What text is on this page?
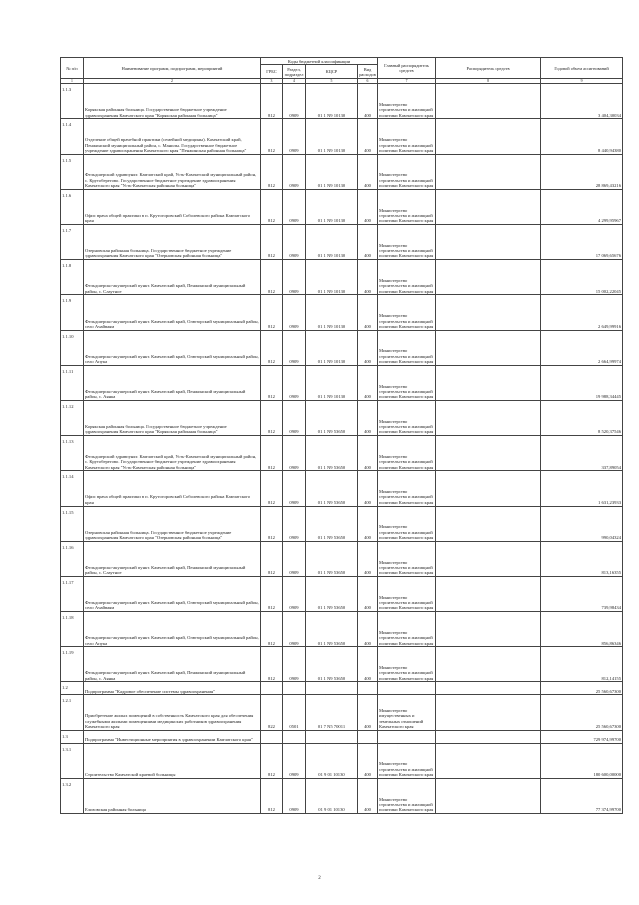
№ п/п	Наименование программ, подпрограмм, мероприятий	Коды бюджетной классификации				Главный распорядитель средств	Распорядитель средств	Годовой объем ассигнований
		ГРБС	Раздел, подраздел	КЦСР	Вид расходов			
1	2	3	4	5	6	7	8	9
1.1.3	Корякская районная больница. Государственное бюджетное учреждение здравоохранения Камчатского края "Корякская районная больница"	812	0909	01 1 N9 10130	400	Министерство строительства и жилищной политики Камчатского края		3 404,30034
1.1.4	Отделение общей врачебной практики (семейной медицины). Камчатский край, Пенжинский муниципальный район, с. Манилы. Государственное бюджетное учреждение здравоохранения Камчатского края "Пенжинская районная больница"	812	0909	01 1 N9 10130	400	Министерство строительства и жилищной политики Камчатского края		8 440,94380
1.1.5	Фельдшерский здравпункт. Камчатский край, Усть-Камчатский муниципальный район, с. Крутоберегово. Государственное бюджетное учреждение здравоохранения Камчатского края "Усть-Камчатская районная больница"	812	0909	01 1 N9 10130	400	Министерство строительства и жилищной политики Камчатского края		28 869,43216
1.1.6	Офис врача общей практики в п. Крутогоровский Соболевского района Камчатского края	812	0909	01 1 N9 10130	400	Министерство строительства и жилищной политики Камчатского края		4 299,95967
1.1.7	Озерновская районная больница. Государственное бюджетное учреждение здравоохранения Камчатского края "Озерновская районная больница"	812	0909	01 1 N9 10130	400	Министерство строительства и жилищной политики Камчатского края		17 069,65676
1.1.8	Фельдшерско-акушерский пункт. Камчатский край, Пенжинский муниципальный район, с. Слаутное	812	0909	01 1 N9 10130	400	Министерство строительства и жилищной политики Камчатского края		15 002,22045
1.1.9	Фельдшерско-акушерский пункт. Камчатский край, Олюторский муниципальный район, село Ачайваям	812	0909	01 1 N9 10130	400	Министерство строительства и жилищной политики Камчатского края		2 649,99916
1.1.10	Фельдшерско-акушерский пункт. Камчатский край, Олюторский муниципальный район, село Апука	812	0909	01 1 N9 10130	400	Министерство строительства и жилищной политики Камчатского края		2 664,99974
1.1.11	Фельдшерско-акушерский пункт. Камчатский край, Пенжинский муниципальный район, с. Аянка	812	0909	01 1 N9 10130	400	Министерство строительства и жилищной политики Камчатского края		19 988,34445
1.1.12	Корякская районная больница. Государственное бюджетное учреждение здравоохранения Камчатского края "Корякская районная больница"	812	0909	01 1 N9 53650	400	Министерство строительства и жилищной политики Камчатского края		8 520,37546
1.1.13	Фельдшерский здравпункт. Камчатский край, Усть-Камчатский муниципальный район, с. Крутоберегово. Государственное бюджетное учреждение здравоохранения Камчатского края "Усть-Камчатская районная больница"	812	0909	01 1 N9 53650	400	Министерство строительства и жилищной политики Камчатского края		337,89054
1.1.14	Офис врача общей практики в п. Крутогоровский Соболевского района Камчатского края	812	0909	01 1 N9 53650	400	Министерство строительства и жилищной политики Камчатского края		1 631,23933
1.1.15	Озерновская районная больница. Государственное бюджетное учреждение здравоохранения Камчатского края "Озерновская районная больница"	812	0909	01 1 N9 53650	400	Министерство строительства и жилищной политики Камчатского края		990,04324
1.1.16	Фельдшерско-акушерский пункт. Камчатский край, Пенжинский муниципальный район, с. Слаутное	812	0909	01 1 N9 53650	400	Министерство строительства и жилищной политики Камчатского края		813,16355
1.1.17	Фельдшерско-акушерский пункт. Камчатский край, Олюторский муниципальный район, село Ачайваям	812	0909	01 1 N9 53650	400	Министерство строительства и жилищной политики Камчатского края		739,98434
1.1.18	Фельдшерско-акушерский пункт. Камчатский край, Олюторский муниципальный район, село Апука	812	0909	01 1 N9 53650	400	Министерство строительства и жилищной политики Камчатского края		856,86346
1.1.19	Фельдшерско-акушерский пункт. Камчатский край, Пенжинский муниципальный район, с. Аянка	812	0909	01 1 N9 53650	400	Министерство строительства и жилищной политики Камчатского края		812,14155
1.2	Подпрограмма "Кадровое обеспечение системы здравоохранения"							25 560,67300
1.2.1	Приобретение жилых помещений в собственность Камчатского края для обеспечения служебными жилыми помещениями медицинских работников здравоохранения Камчатского края	822	0501	01 7 N5 70011	400	Министерство имущественных и земельных отношений Камчатского края		25 560,67300
1.3	Подпрограмма "Инвестиционные мероприятия в здравоохранении Камчатского края"							729 974,99700
1.3.1	Строительство Камчатской краевой больницы	812	0909	01 9 01 10130	400	Министерство строительства и жилищной политики Камчатского края		180 600,00000
1.3.2	Елизовская районная больница	812	0909	01 9 01 10130	400	Министерство строительства и жилищной политики Камчатского края		77 374,99700
2
